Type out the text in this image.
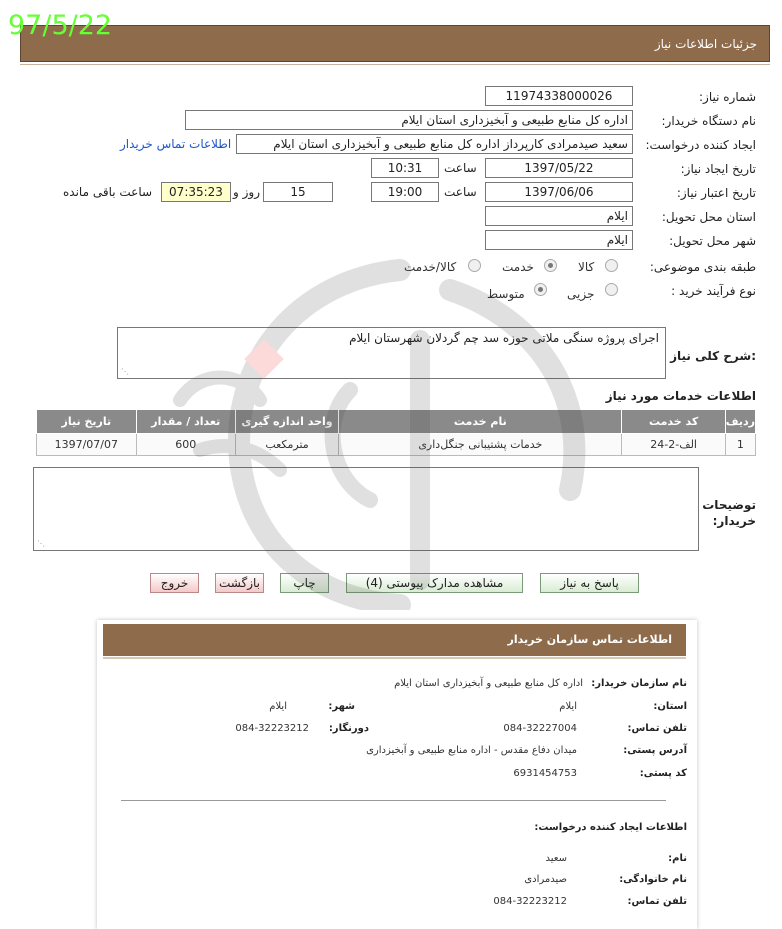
97/5/22
جزئیات اطلاعات نیاز
شماره نیاز:
11974338000026
نام دستگاه خریدار:
اداره کل منابع طبیعی و آبخیزداری استان ایلام
ایجاد کننده درخواست:
سعید صیدمرادی کارپرداز اداره کل منابع طبیعی و آبخیزداری استان ایلام
اطلاعات تماس خریدار
تاریخ ایجاد نیاز:
1397/05/22
ساعت
10:31
تاریخ اعتبار نیاز:
1397/06/06
ساعت
19:00
15
روز و
07:35:23
ساعت باقی مانده
استان محل تحویل:
ایلام
شهر محل تحویل:
ایلام
طبقه بندی موضوعی:
کالا
خدمت
کالا/خدمت
نوع فرآیند خرید :
جزیی
متوسط
شرح کلی نیاز:
اجرای پروژه سنگی ملاتی حوزه سد چم گردلان شهرستان ایلام
⋰
اطلاعات خدمات مورد نیاز
ردیف	کد خدمت	نام خدمت	واحد اندازه گیری	تعداد / مقدار	تاریخ نیاز
1	الف-2-24	خدمات پشتیبانی جنگل‌داری	مترمکعب	600	1397/07/07
توضیحات خریدار:
⋰
پاسخ به نیاز
مشاهده مدارک پیوستی (4)
چاپ
بازگشت
خروج
اطلاعات تماس سازمان خریدار
نام سازمان خریدار:
اداره کل منابع طبیعی و آبخیزداری استان ایلام
استان:
ایلام
شهر:
ایلام
تلفن تماس:
084-32227004
دورنگار:
084-32223212
آدرس پستی:
میدان دفاع مقدس - اداره منابع طبیعی و آبخیزداری
کد پستی:
6931454753
اطلاعات ایجاد کننده درخواست:
نام:
سعید
نام خانوادگی:
صیدمرادی
تلفن تماس:
084-32223212
